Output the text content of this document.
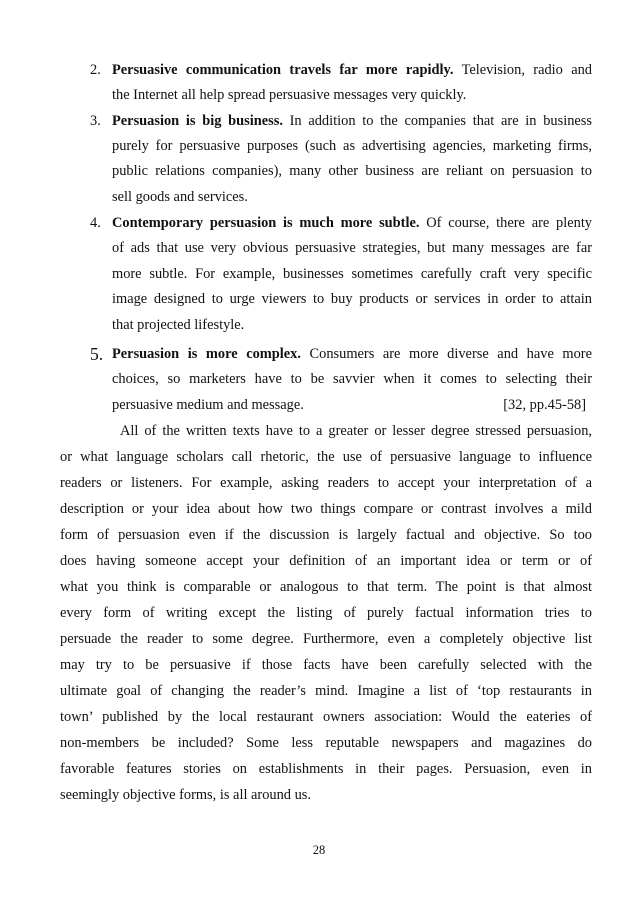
2. Persuasive communication travels far more rapidly. Television, radio and
the Internet all help spread persuasive messages very quickly.
3. Persuasion is big business. In addition to the companies that are in business
purely for persuasive purposes (such as advertising agencies, marketing firms,
public relations companies), many other business are reliant on persuasion to
sell goods and services.
4. Contemporary persuasion is much more subtle. Of course, there are plenty
of ads that use very obvious persuasive strategies, but many messages are far
more subtle. For example, businesses sometimes carefully craft very specific
image designed to urge viewers to buy products or services in order to attain
that projected lifestyle.
5. Persuasion is more complex. Consumers are more diverse and have more
choices, so marketers have to be savvier when it comes to selecting their
persuasive medium and message.	[32, pp.45-58]
All of the written texts have to a greater or lesser degree stressed persuasion,
or what language scholars call rhetoric, the use of persuasive language to influence
readers or listeners. For example, asking readers to accept your interpretation of a
description or your idea about how two things compare or contrast involves a mild
form of persuasion even if the discussion is largely factual and objective. So too
does having someone accept your definition of an important idea or term or of
what you think is comparable or analogous to that term. The point is that almost
every form of writing except the listing of purely factual information tries to
persuade the reader to some degree. Furthermore, even a completely objective list
may try to be persuasive if those facts have been carefully selected with the
ultimate goal of changing the reader’s mind. Imagine a list of ‘top restaurants in
town’ published by the local restaurant owners association: Would the eateries of
non-members be included? Some less reputable newspapers and magazines do
favorable features stories on establishments in their pages. Persuasion, even in
seemingly objective forms, is all around us.
28
